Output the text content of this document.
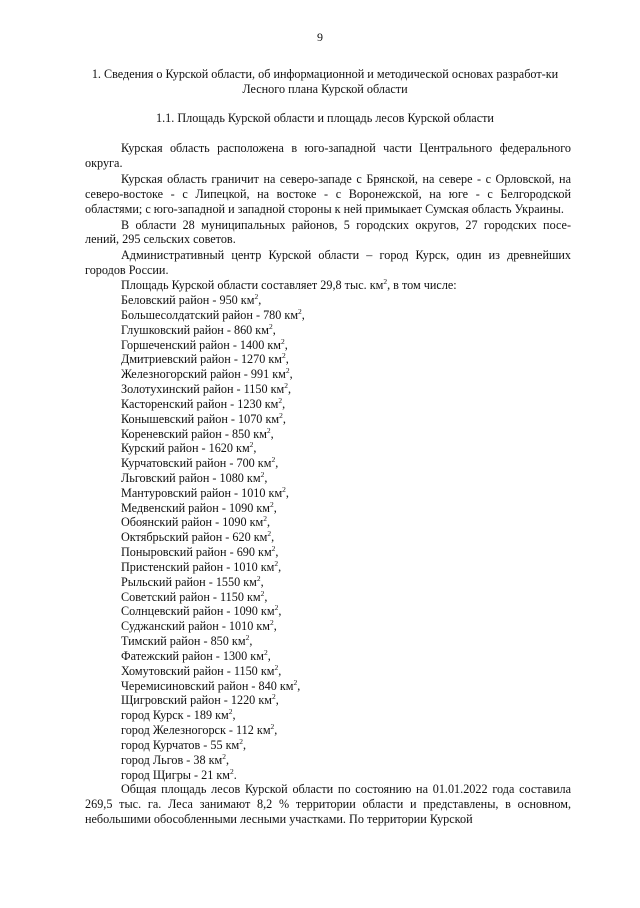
9
1. Сведения о Курской области, об информационной и методической основах разработ-ки Лесного плана Курской области
1.1. Площадь Курской области и площадь лесов Курской области

Курская область расположена в юго-западной части Центрального федерального округа.

Курская область граничит на северо-западе с Брянской, на севере - с Орловской, на северо-востоке - с Липецкой, на востоке - с Воронежской, на юге - с Белгородской областями; с юго-западной и западной стороны к ней примыкает Сумская область Украины.

В области 28 муниципальных районов, 5 городских округов, 27 городских посе-лений, 295 сельских советов.

Административный центр Курской области – город Курск, один из древнейших городов России.

Площадь Курской области составляет 29,8 тыс. $км^2$, в том числе:

Беловский район - 950 $км^2$,
Большесолдатский район - 780 $км^2$,
Глушковский район - 860 $км^2$,
Горшеченский район - 1400 $км^2$,
Дмитриевский район - 1270 $км^2$,
Железногорский район - 991 $км^2$,
Золотухинский район - 1150 $км^2$,
Касторенский район - 1230 $км^2$,
Конышевский район - 1070 $км^2$,
Кореневский район - 850 $км^2$,
Курский район - 1620 $км^2$,
Курчатовский район - 700 $км^2$,
Льговский район - 1080 $км^2$,
Мантуровский район - 1010 $км^2$,
Медвенский район - 1090 $км^2$,
Обоянский район - 1090 $км^2$,
Октябрьский район - 620 $км^2$,
Поныровский район - 690 $км^2$,
Пристенский район - 1010 $км^2$,
Рыльский район - 1550 $км^2$,
Советский район - 1150 $км^2$,
Солнцевский район - 1090 $км^2$,
Суджанский район - 1010 $км^2$,
Тимский район - 850 $км^2$,
Фатежский район - 1300 $км^2$,
Хомутовский район - 1150 $км^2$,
Черемисиновский район - 840 $км^2$,
Щигровский район - 1220 $км^2$,
город Курск - 189 $км^2$,
город Железногорск - 112 $км^2$,
город Курчатов - 55 $км^2$,
город Льгов - 38 $км^2$,
город Щигры - 21 $км^2$.

Общая площадь лесов Курской области по состоянию на 01.01.2022 года составила 269,5 тыс. га. Леса занимают 8,2 % территории области и представлены, в основном, небольшими обособленными лесными участками. По территории Курской
